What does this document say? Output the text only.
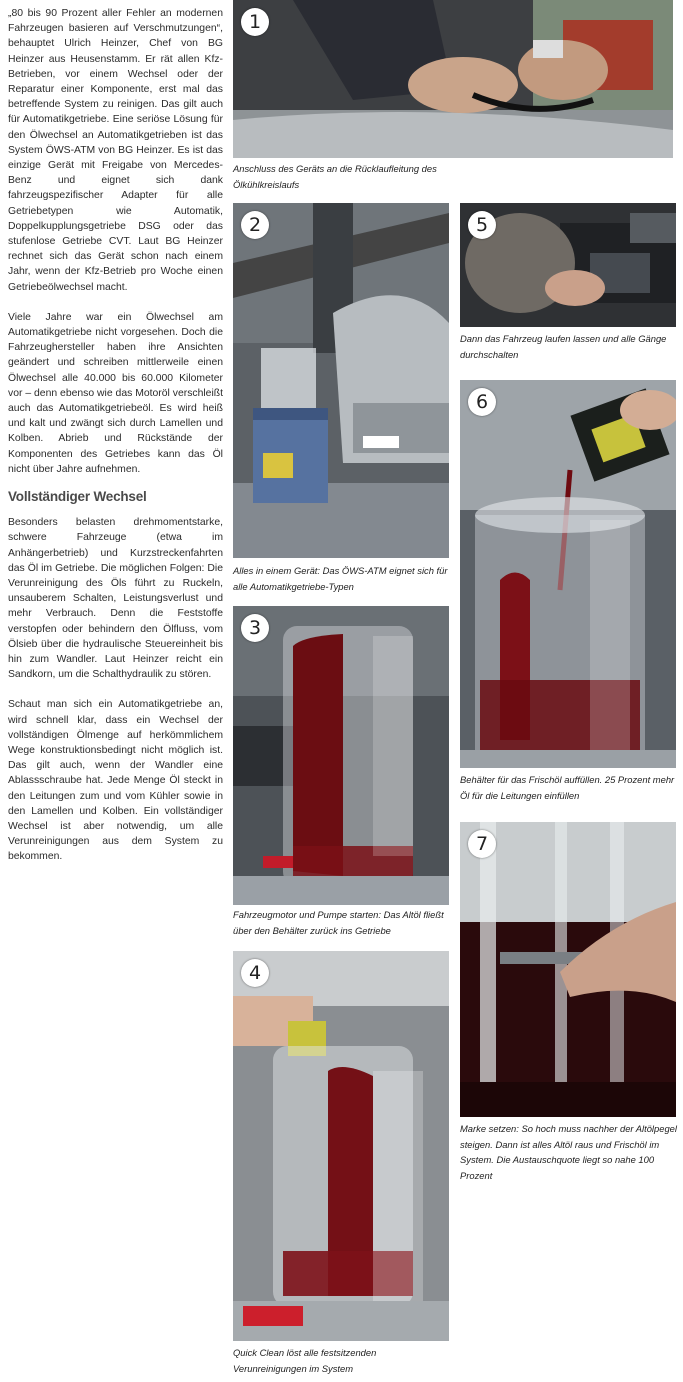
„80 bis 90 Prozent aller Fehler an modernen Fahrzeugen basieren auf Verschmutzungen“, behauptet Ulrich Heinzer, Chef von BG Heinzer aus Heusenstamm. Er rät allen Kfz-Betrieben, vor einem Wechsel oder der Reparatur einer Komponente, erst mal das betreffende System zu reinigen. Das gilt auch für Automatikgetriebe. Eine seriöse Lösung für den Ölwechsel an Automatikgetrieben ist das System ÖWS-ATM von BG Heinzer. Es ist das einzige Gerät mit Freigabe von Mercedes-Benz und eignet sich dank fahrzeugspezifischer Adapter für alle Getriebetypen wie Automatik, Doppelkupplungsgetriebe DSG oder das stufenlose Getriebe CVT. Laut BG Heinzer rechnet sich das Gerät schon nach einem Jahr, wenn der Kfz-Betrieb pro Woche einen Getriebeölwechsel macht.

Viele Jahre war ein Ölwechsel am Automatikgetriebe nicht vorgesehen. Doch die Fahrzeughersteller haben ihre Ansichten geändert und schreiben mittlerweile einen Ölwechsel alle 40.000 bis 60.000 Kilometer vor – denn ebenso wie das Motoröl verschleißt auch das Automatikgetriebeöl. Es wird heiß und kalt und zwängt sich durch Lamellen und Kolben. Abrieb und Rückstände der Komponenten des Getriebes kann das Öl nicht über Jahre aufnehmen.

Vollständiger Wechsel

Besonders belasten drehmomentstarke, schwere Fahrzeuge (etwa im Anhängerbetrieb) und Kurzstreckenfahrten das Öl im Getriebe. Die möglichen Folgen: Die Verunreinigung des Öls führt zu Ruckeln, unsauberem Schalten, Leistungsverlust und mehr Verbrauch. Denn die Feststoffe verstopfen oder behindern den Ölfluss, vom Ölsieb über die hydraulische Steuereinheit bis hin zum Wandler. Laut Heinzer reicht ein Sandkorn, um die Schalthydraulik zu stören.

Schaut man sich ein Automatikgetriebe an, wird schnell klar, dass ein Wechsel der vollständigen Ölmenge auf herkömmlichem Wege konstruktionsbedingt nicht möglich ist. Das gilt auch, wenn der Wandler eine Ablassschraube hat. Jede Menge Öl steckt in den Leitungen zum und vom Kühler sowie in den Lamellen und Kolben. Ein vollständiger Wechsel ist aber notwendig, um alle Verunreinigungen aus dem System zu bekommen.

1

Anschluss des Geräts an die Rücklaufleitung des Ölkühlkreislaufs

2

Alles in einem Gerät: Das ÖWS-ATM eignet sich für alle Automatikgetriebe-Typen

3

Fahrzeugmotor und Pumpe starten: Das Altöl fließt über den Behälter zurück ins Getriebe

4

Quick Clean löst alle festsitzenden Verunreinigungen im System

5

Dann das Fahrzeug laufen lassen und alle Gänge durchschalten

6

Behälter für das Frischöl auffüllen. 25 Prozent mehr Öl für die Leitungen einfüllen

7

Marke setzen: So hoch muss nachher der Altölpegel steigen. Dann ist alles Altöl raus und Frischöl im System. Die Austauschquote liegt so nahe 100 Prozent
